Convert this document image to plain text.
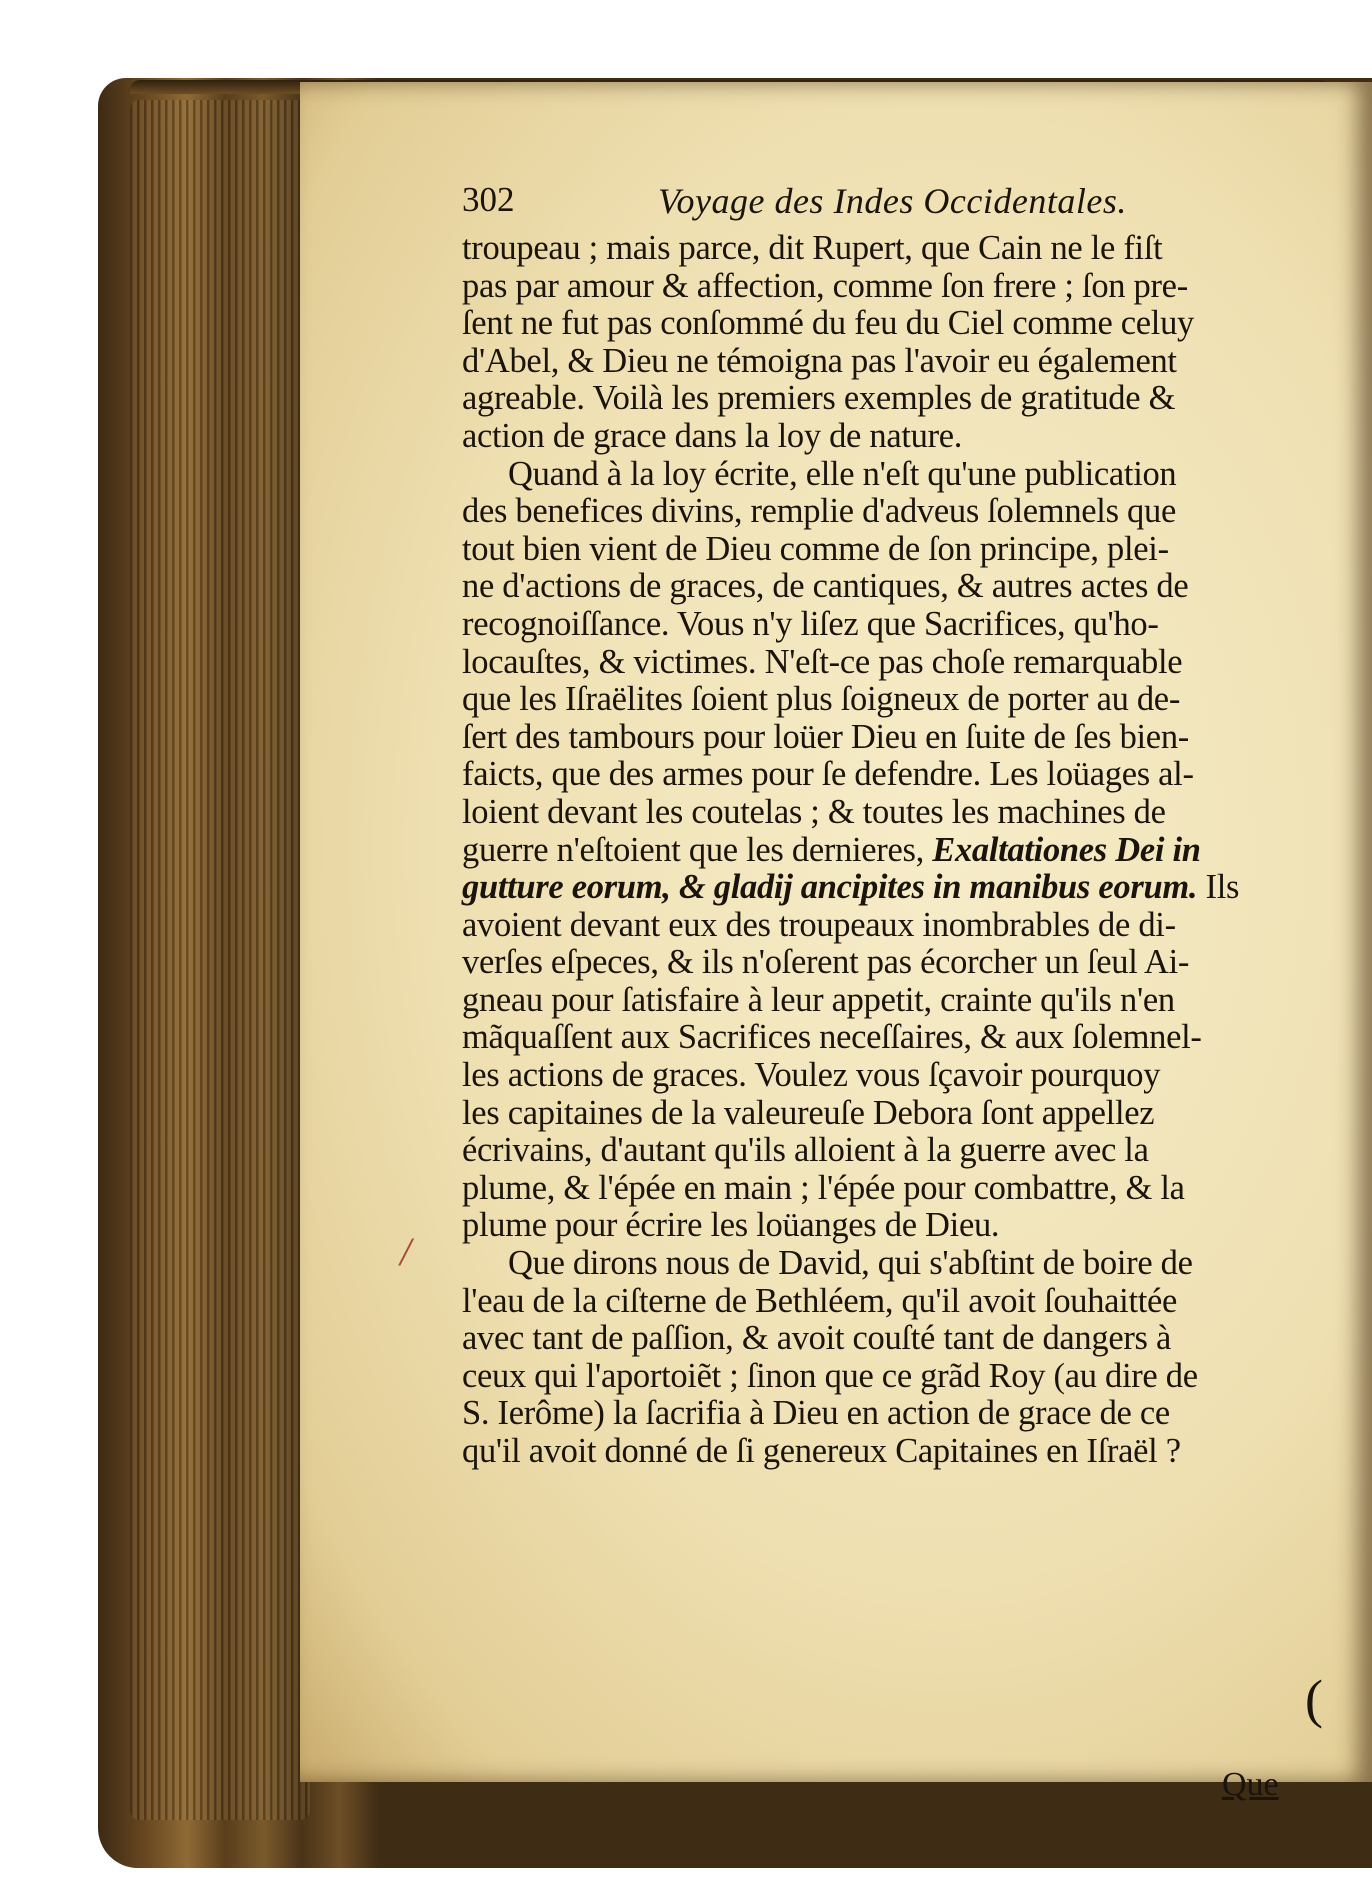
302	Voyage des Indes Occidentales.
troupeau ; mais parce, dit Rupert, que Cain ne le fiſt
pas par amour & affection, comme ſon frere ; ſon pre-
ſent ne fut pas conſommé du feu du Ciel comme celuy
d'Abel, & Dieu ne témoigna pas l'avoir eu également
agreable. Voilà les premiers exemples de gratitude &
action de grace dans la loy de nature.
Quand à la loy écrite, elle n'eſt qu'une publication
des benefices divins, remplie d'adveus ſolemnels que
tout bien vient de Dieu comme de ſon principe, plei-
ne d'actions de graces, de cantiques, & autres actes de
recognoiſſance. Vous n'y liſez que Sacrifices, qu'ho-
locauſtes, & victimes. N'eſt-ce pas choſe remarquable
que les Iſraëlites ſoient plus ſoigneux de porter au de-
ſert des tambours pour loüer Dieu en ſuite de ſes bien-
faicts, que des armes pour ſe defendre. Les loüages al-
loient devant les coutelas ; & toutes les machines de
guerre n'eſtoient que les dernieres, Exaltationes Dei in
gutture eorum, & gladij ancipites in manibus eorum. Ils
avoient devant eux des troupeaux inombrables de di-
verſes eſpeces, & ils n'oſerent pas écorcher un ſeul Ai-
gneau pour ſatisfaire à leur appetit, crainte qu'ils n'en
mãquaſſent aux Sacrifices neceſſaires, & aux ſolemnel-
les actions de graces. Voulez vous ſçavoir pourquoy
les capitaines de la valeureuſe Debora ſont appellez
écrivains, d'autant qu'ils alloient à la guerre avec la
plume, & l'épée en main ; l'épée pour combattre, & la
plume pour écrire les loüanges de Dieu.
Que dirons nous de David, qui s'abſtint de boire de
l'eau de la ciſterne de Bethléem, qu'il avoit ſouhaittée
avec tant de paſſion, & avoit couſté tant de dangers à
ceux qui l'aportoiẽt ; ſinon que ce grãd Roy (au dire de
S. Ierôme) la ſacrifia à Dieu en action de grace de ce
qu'il avoit donné de ſi genereux Capitaines en Iſraël ?
Que
/
(
